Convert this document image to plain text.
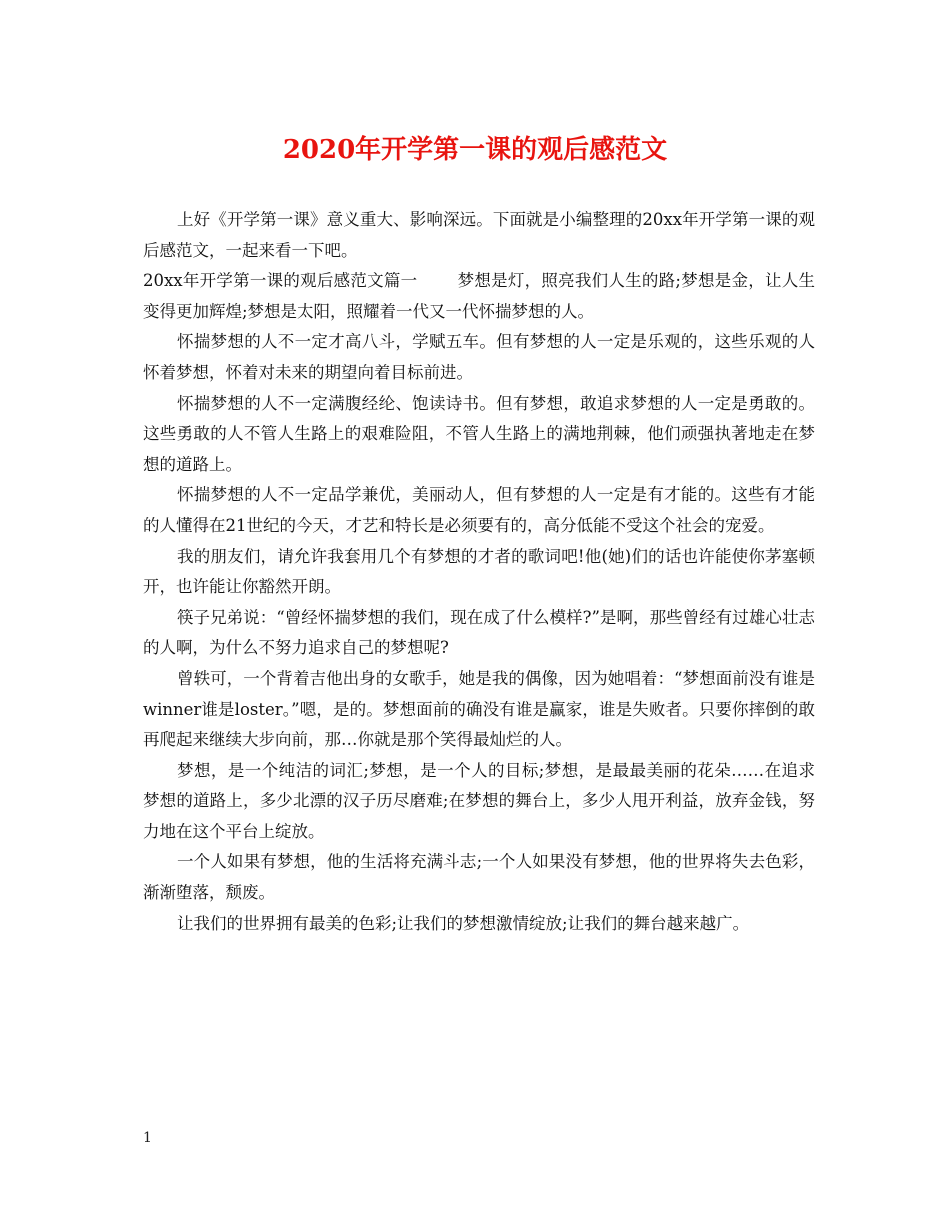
2020年开学第一课的观后感范文

上好《开学第一课》意义重大、影响深远。下面就是小编整理的20xx年开学第一课的观后感范文，一起来看一下吧。

20xx年开学第一课的观后感范文篇一 梦想是灯，照亮我们人生的路;梦想是金，让人生变得更加辉煌;梦想是太阳，照耀着一代又一代怀揣梦想的人。

怀揣梦想的人不一定才高八斗，学赋五车。但有梦想的人一定是乐观的，这些乐观的人怀着梦想，怀着对未来的期望向着目标前进。

怀揣梦想的人不一定满腹经纶、饱读诗书。但有梦想，敢追求梦想的人一定是勇敢的。这些勇敢的人不管人生路上的艰难险阻，不管人生路上的满地荆棘，他们顽强执著地走在梦想的道路上。

怀揣梦想的人不一定品学兼优，美丽动人，但有梦想的人一定是有才能的。这些有才能的人懂得在21世纪的今天，才艺和特长是必须要有的，高分低能不受这个社会的宠爱。

我的朋友们，请允许我套用几个有梦想的才者的歌词吧!他(她)们的话也许能使你茅塞顿开，也许能让你豁然开朗。

筷子兄弟说：“曾经怀揣梦想的我们，现在成了什么模样?”是啊，那些曾经有过雄心壮志的人啊，为什么不努力追求自己的梦想呢?

曾轶可，一个背着吉他出身的女歌手，她是我的偶像，因为她唱着：“梦想面前没有谁是winner谁是loster。”嗯，是的。梦想面前的确没有谁是赢家，谁是失败者。只要你摔倒的敢再爬起来继续大步向前，那…你就是那个笑得最灿烂的人。

梦想，是一个纯洁的词汇;梦想，是一个人的目标;梦想，是最最美丽的花朵……在追求梦想的道路上，多少北漂的汉子历尽磨难;在梦想的舞台上，多少人甩开利益，放弃金钱，努力地在这个平台上绽放。

一个人如果有梦想，他的生活将充满斗志;一个人如果没有梦想，他的世界将失去色彩，渐渐堕落，颓废。

让我们的世界拥有最美的色彩;让我们的梦想激情绽放;让我们的舞台越来越广。

1
